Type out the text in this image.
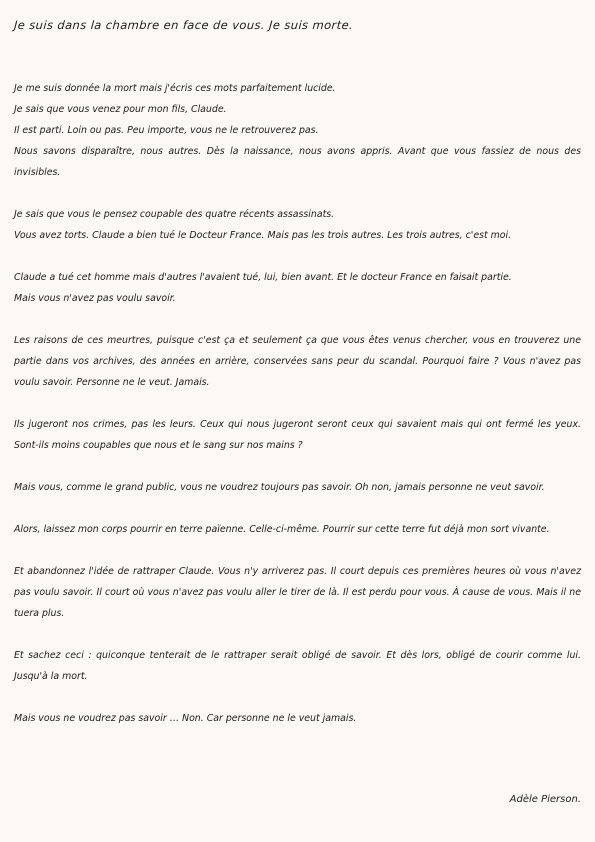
Je suis dans la chambre en face de vous. Je suis morte.
Je me suis donnée la mort mais j'écris ces mots parfaitement lucide.
Je sais que vous venez pour mon fils, Claude.
Il est parti. Loin ou pas. Peu importe, vous ne le retrouverez pas.
Nous savons disparaître, nous autres. Dès la naissance, nous avons appris. Avant que vous fassiez de nous des invisibles.
Je sais que vous le pensez coupable des quatre récents assassinats.
Vous avez torts. Claude a bien tué le Docteur France. Mais pas les trois autres. Les trois autres, c'est moi.
Claude a tué cet homme mais d'autres l'avaient tué, lui, bien avant. Et le docteur France en faisait partie.
Mais vous n'avez pas voulu savoir.
Les raisons de ces meurtres, puisque c'est ça et seulement ça que vous êtes venus chercher, vous en trouverez une partie dans vos archives, des années en arrière, conservées sans peur du scandal. Pourquoi faire ? Vous n'avez pas voulu savoir. Personne ne le veut. Jamais.
Ils jugeront nos crimes, pas les leurs. Ceux qui nous jugeront seront ceux qui savaient mais qui ont fermé les yeux. Sont-ils moins coupables que nous et le sang sur nos mains ?
Mais vous, comme le grand public, vous ne voudrez toujours pas savoir. Oh non, jamais personne ne veut savoir.
Alors, laissez mon corps pourrir en terre païenne. Celle-ci-même. Pourrir sur cette terre fut déjà mon sort vivante.
Et abandonnez l'idée de rattraper Claude. Vous n'y arriverez pas. Il court depuis ces premières heures où vous n'avez pas voulu savoir. Il court où vous n'avez pas voulu aller le tirer de là. Il est perdu pour vous. À cause de vous. Mais il ne tuera plus.
Et sachez ceci : quiconque tenterait de le rattraper serait obligé de savoir. Et dès lors, obligé de courir comme lui. Jusqu'à la mort.
Mais vous ne voudrez pas savoir … Non. Car personne ne le veut jamais.
Adèle Pierson.
